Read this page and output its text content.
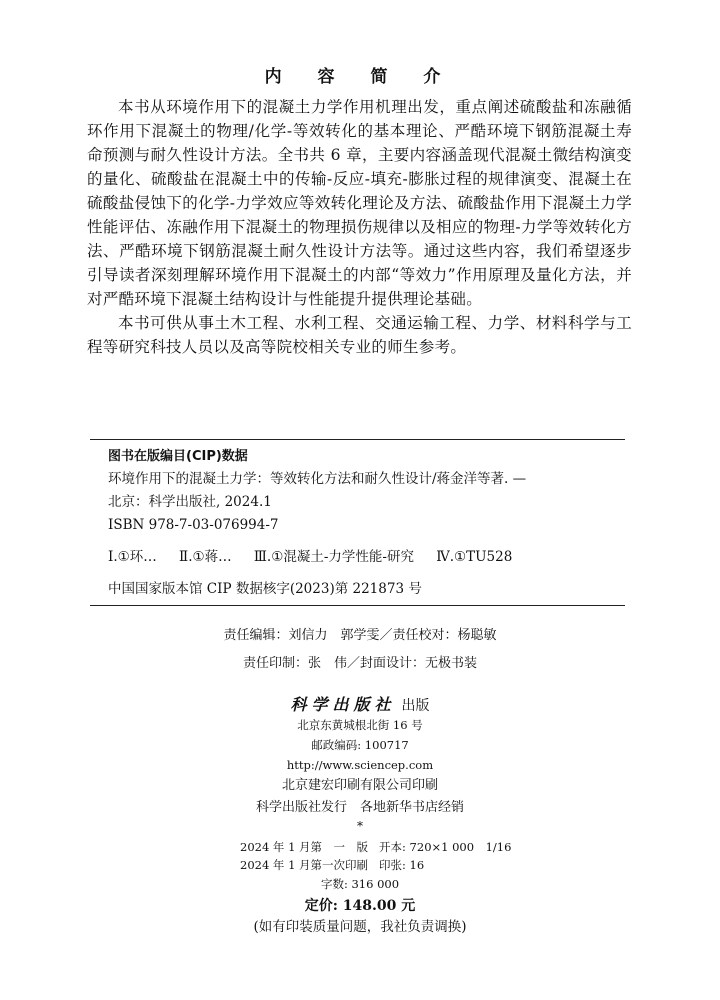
内 容 简 介

本书从环境作用下的混凝土力学作用机理出发，重点阐述硫酸盐和冻融循环作用下混凝土的物理/化学-等效转化的基本理论、严酷环境下钢筋混凝土寿命预测与耐久性设计方法。全书共 6 章，主要内容涵盖现代混凝土微结构演变的量化、硫酸盐在混凝土中的传输-反应-填充-膨胀过程的规律演变、混凝土在硫酸盐侵蚀下的化学-力学效应等效转化理论及方法、硫酸盐作用下混凝土力学性能评估、冻融作用下混凝土的物理损伤规律以及相应的物理-力学等效转化方法、严酷环境下钢筋混凝土耐久性设计方法等。通过这些内容，我们希望逐步引导读者深刻理解环境作用下混凝土的内部“等效力”作用原理及量化方法，并对严酷环境下混凝土结构设计与性能提升提供理论基础。

本书可供从事土木工程、水利工程、交通运输工程、力学、材料科学与工程等研究科技人员以及高等院校相关专业的师生参考。

图书在版编目(CIP)数据
环境作用下的混凝土力学：等效转化方法和耐久性设计/蒋金洋等著. —
北京：科学出版社, 2024.1
ISBN 978-7-03-076994-7
Ⅰ.①环… Ⅱ.①蒋… Ⅲ.①混凝土-力学性能-研究 Ⅳ.①TU528
中国国家版本馆 CIP 数据核字(2023)第 221873 号
责任编辑：刘信力　郭学雯／责任校对：杨聪敏
责任印制：张　伟／封面设计：无极书装
科学出版社 出版
北京东黄城根北街 16 号
邮政编码: 100717
http://www.sciencep.com
北京建宏印刷有限公司印刷
科学出版社发行　各地新华书店经销
*
2024 年 1 月第　一　版 开本: 720×1 000　1/16
2024 年 1 月第一次印刷 印张: 16
字数: 316 000
定价: 148.00 元
(如有印装质量问题，我社负责调换)
